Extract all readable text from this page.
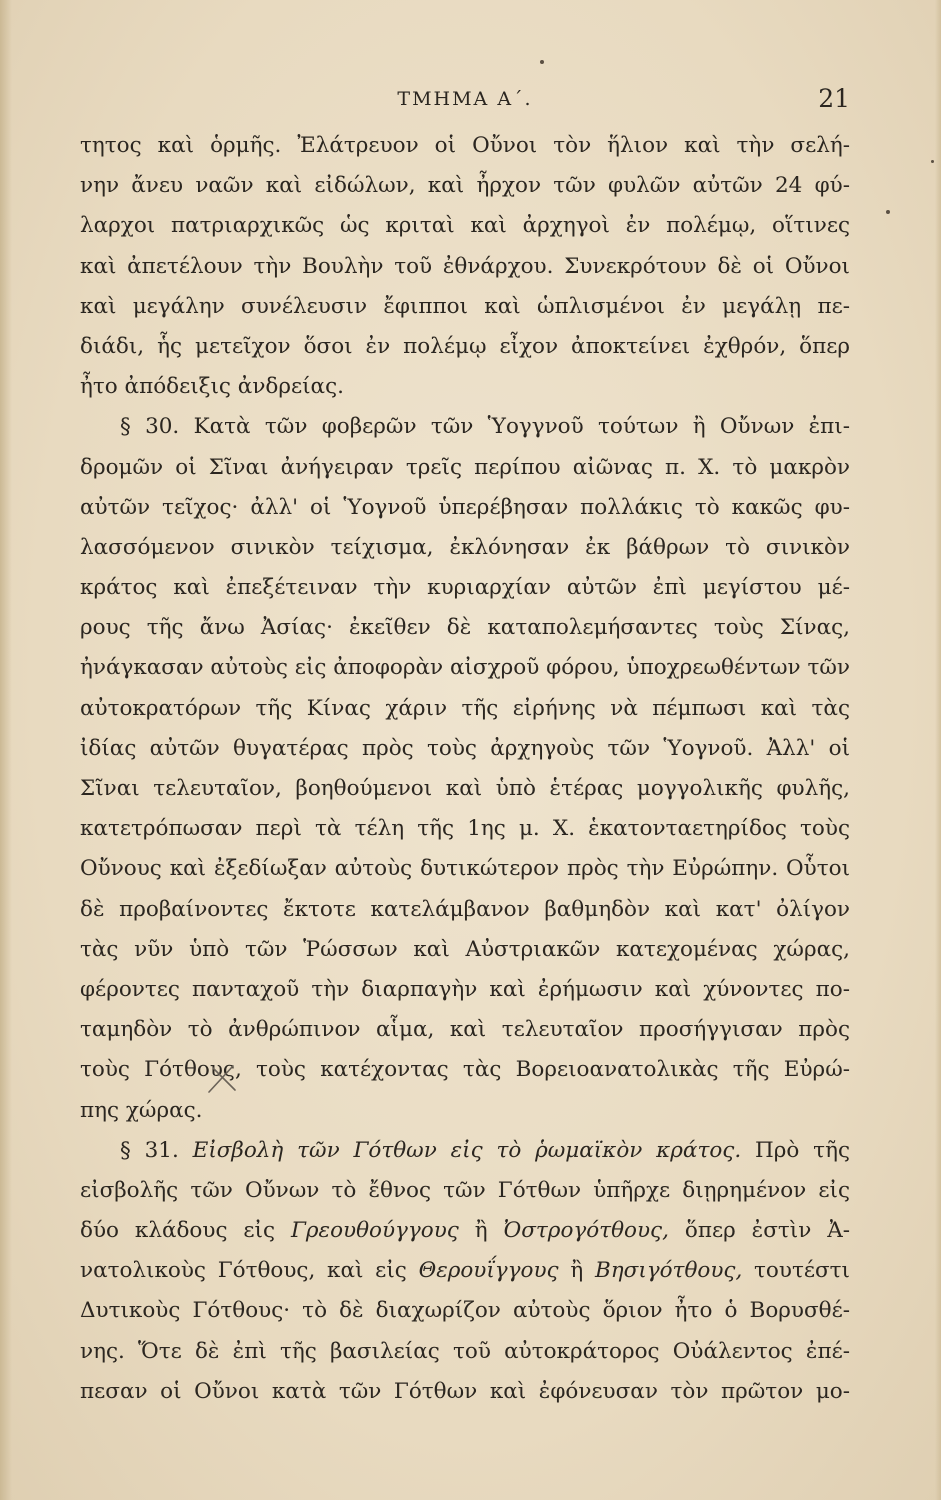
ΤΜΗΜΑ Α΄.	21
τητος καὶ ὁρμῆς. Ἐλάτρευον οἱ Οὔνοι τὸν ἥλιον καὶ τὴν σελή-
νην ἄνευ ναῶν καὶ εἰδώλων, καὶ ἦρχον τῶν φυλῶν αὐτῶν 24 φύ-
λαρχοι πατριαρχικῶς ὡς κριταὶ καὶ ἀρχηγοὶ ἐν πολέμῳ, οἵτινες
καὶ ἀπετέλουν τὴν Βουλὴν τοῦ ἐθνάρχου. Συνεκρότουν δὲ οἱ Οὔνοι
καὶ μεγάλην συνέλευσιν ἔφιπποι καὶ ὡπλισμένοι ἐν μεγάλῃ πε-
διάδι, ἧς μετεῖχον ὅσοι ἐν πολέμῳ εἶχον ἀποκτείνει ἐχθρόν, ὅπερ
ἦτο ἀπόδειξις ἀνδρείας.
§ 30. Κατὰ τῶν φοβερῶν τῶν Ὑογγνοῦ τούτων ἢ Οὔνων ἐπι-
δρομῶν οἱ Σῖναι ἀνήγειραν τρεῖς περίπου αἰῶνας π. Χ. τὸ μακρὸν
αὐτῶν τεῖχος· ἀλλ' οἱ Ὑογνοῦ ὑπερέβησαν πολλάκις τὸ κακῶς φυ-
λασσόμενον σινικὸν τείχισμα, ἐκλόνησαν ἐκ βάθρων τὸ σινικὸν
κράτος καὶ ἐπεξέτειναν τὴν κυριαρχίαν αὐτῶν ἐπὶ μεγίστου μέ-
ρους τῆς ἄνω Ἀσίας· ἐκεῖθεν δὲ καταπολεμήσαντες τοὺς Σίνας,
ἠνάγκασαν αὐτοὺς εἰς ἀποφορὰν αἰσχροῦ φόρου, ὑποχρεωθέντων τῶν
αὐτοκρατόρων τῆς Κίνας χάριν τῆς εἰρήνης νὰ πέμπωσι καὶ τὰς
ἰδίας αὐτῶν θυγατέρας πρὸς τοὺς ἀρχηγοὺς τῶν Ὑογνοῦ. Ἀλλ' οἱ
Σῖναι τελευταῖον, βοηθούμενοι καὶ ὑπὸ ἑτέρας μογγολικῆς φυλῆς,
κατετρόπωσαν περὶ τὰ τέλη τῆς 1ης μ. Χ. ἑκατονταετηρίδος τοὺς
Οὔνους καὶ ἐξεδίωξαν αὐτοὺς δυτικώτερον πρὸς τὴν Εὐρώπην. Οὗτοι
δὲ προβαίνοντες ἔκτοτε κατελάμβανον βαθμηδὸν καὶ κατ' ὀλίγον
τὰς νῦν ὑπὸ τῶν Ῥώσσων καὶ Αὐστριακῶν κατεχομένας χώρας,
φέροντες πανταχοῦ τὴν διαρπαγὴν καὶ ἐρήμωσιν καὶ χύνοντες πο-
ταμηδὸν τὸ ἀνθρώπινον αἷμα, καὶ τελευταῖον προσήγγισαν πρὸς
τοὺς Γότθους, τοὺς κατέχοντας τὰς Βορειοανατολικὰς τῆς Εὐρώ-
πης χώρας.
§ 31. Εἰσβολὴ τῶν Γότθων εἰς τὸ ῥωμαϊκὸν κράτος. Πρὸ τῆς
εἰσβολῆς τῶν Οὔνων τὸ ἔθνος τῶν Γότθων ὑπῆρχε διῃρημένον εἰς
δύο κλάδους εἰς Γρεουθούγγους ἢ Ὀστρογότθους, ὅπερ ἐστὶν Ἀ-
νατολικοὺς Γότθους, καὶ εἰς Θερουΐγγους ἢ Βησιγότθους, τουτέστι
Δυτικοὺς Γότθους· τὸ δὲ διαχωρίζον αὐτοὺς ὅριον ἦτο ὁ Βορυσθέ-
νης. Ὅτε δὲ ἐπὶ τῆς βασιλείας τοῦ αὐτοκράτορος Οὐάλεντος ἐπέ-
πεσαν οἱ Οὔνοι κατὰ τῶν Γότθων καὶ ἐφόνευσαν τὸν πρῶτον μο-
